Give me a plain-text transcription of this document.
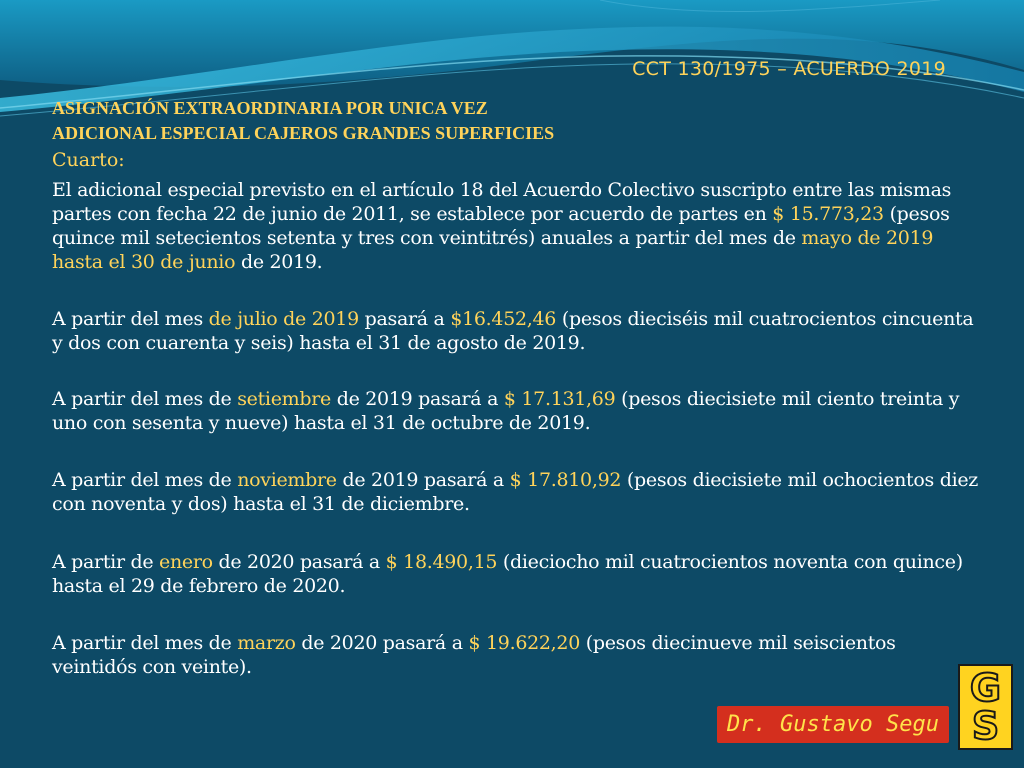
CCT 130/1975 – ACUERDO 2019
ASIGNACIÓN EXTRAORDINARIA POR UNICA VEZ
ADICIONAL ESPECIAL CAJEROS GRANDES SUPERFICIES
Cuarto:
El adicional especial previsto en el artículo 18 del Acuerdo Colectivo suscripto entre las mismas partes con fecha 22 de junio de 2011, se establece por acuerdo de partes en $ 15.773,23 (pesos quince mil setecientos setenta y tres con veintitrés) anuales a partir del mes de mayo de 2019 hasta el 30 de junio de 2019.
A partir del mes de julio de 2019 pasará a $16.452,46 (pesos dieciséis mil cuatrocientos cincuenta y dos con cuarenta y seis) hasta el 31 de agosto de 2019.
A partir del mes de setiembre de 2019 pasará a $ 17.131,69 (pesos diecisiete mil ciento treinta y uno con sesenta y nueve) hasta el 31 de octubre de 2019.
A partir del mes de noviembre de 2019 pasará a $ 17.810,92 (pesos diecisiete mil ochocientos diez con noventa y dos) hasta el 31 de diciembre.
A partir de enero de 2020 pasará a $ 18.490,15 (dieciocho mil cuatrocientos noventa con quince) hasta el 29 de febrero de 2020.
A partir del mes de marzo de 2020 pasará a $ 19.622,20 (pesos diecinueve mil seiscientos veintidós con veinte).
Dr. Gustavo Segu
G
S
